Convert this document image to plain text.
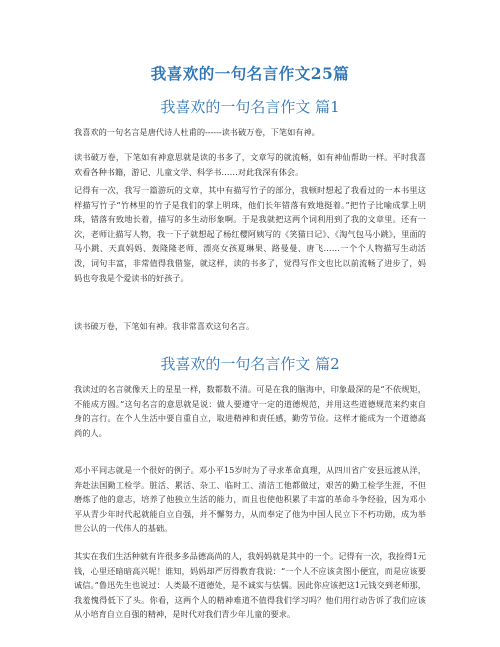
我喜欢的一句名言作文25篇
我喜欢的一句名言作文 篇1

我喜欢的一句名言是唐代诗人杜甫的------读书破万卷，下笔如有神。

读书破万卷，下笔如有神意思就是读的书多了，文章写的就流畅，如有神仙帮助一样。平时我喜欢看各种书籍，游记、儿童文学、科学书……对此我深有体会。

记得有一次，我写一篇游玩的文章，其中有描写竹子的部分，我顿时想起了我看过的一本书里这样描写竹子“竹林里的竹子是我们的掌上明珠，他们长年错落有致地挺着。”把竹子比喻成掌上明珠，错落有致地长着，描写的多生动形象啊。于是我就把这两个词利用到了我的文章里。还有一次，老师让描写人物，我一下子就想起了杨红樱阿姨写的《笑猫日记》、《淘气包马小跳》，里面的马小跳、天真妈妈、轰隆隆老师、漂亮女孩夏琳果、路曼曼、唐飞……一个个人物描写生动活泼，词句丰富，非常值得我借鉴，就这样，读的书多了，觉得写作文也比以前流畅了进步了，妈妈也夸我是个爱读书的好孩子。

读书破万卷，下笔如有神。我非常喜欢这句名言。

我喜欢的一句名言作文 篇2

我读过的名言就像天上的星星一样，数都数不清。可是在我的脑海中，印象最深的是“不依规矩，不能成方圆。”这句名言的意思就是说：做人要遵守一定的道德规范，并用这些道德规范来约束自身的言行。在个人生活中要自重自立，取进精神和责任感，勤劳节俭。这样才能成为一个道德高尚的人。

邓小平同志就是一个很好的例子。邓小平15岁时为了寻求革命真理，从四川省广安县远渡从洋，奔赴法国勤工检学。脏活、累活、杂工、临时工、清洁工他都做过，艰苦的勤工检学生涯，不但磨炼了他的意志，培养了他独立生活的能力，而且也使他积累了丰富的革命斗争经验，因为邓小平从青少年时代起就能自立自强，并不懈努力，从而奉定了他为中国人民立下不朽功勋，成为举世公认的一代伟人的基础。

其实在我们生活种就有许很多多品德高尚的人，我妈妈就是其中的一个。记得有一次，我捡得1元钱，心里还暗暗高兴呢！谁知，妈妈却严厉得教育我说：“一个人不应该贪图小便宜，而是应该要诚信。”鲁迅先生也说过：人类最不道德处，是不诚实与怯懦。因此你应该把这1元钱交到老师那，我羞愧得低下了头。你看，这两个人的精神难道不值得我们学习吗？他们用行动告诉了我们应该从小培育自立自强的精神，是时代对我们青少年儿童的要求。
